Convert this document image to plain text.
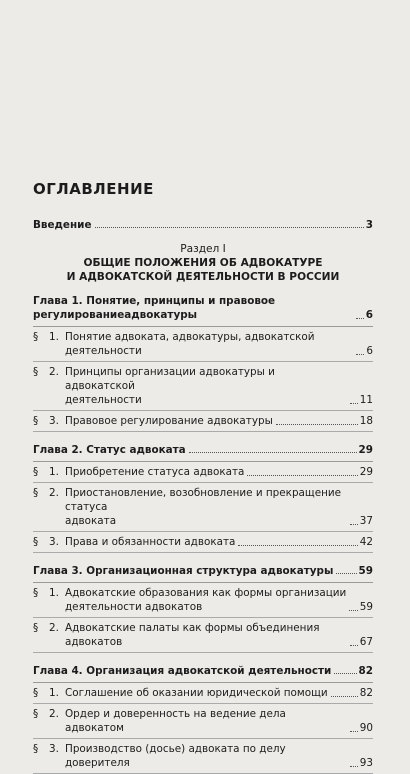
ОГЛАВЛЕНИЕ
Введение	3
Раздел I
ОБЩИЕ ПОЛОЖЕНИЯ ОБ АДВОКАТУРЕ
И АДВОКАТСКОЙ ДЕЯТЕЛЬНОСТИ В РОССИИ
Глава 1. Понятие, принципы и правовое регулированиеадвокатуры	6
§	1. Понятие адвоката, адвокатуры, адвокатской деятельности	6
§	2. Принципы организации адвокатуры и адвокатской
деятельности	11
§	3. Правовое регулирование адвокатуры	18
Глава 2. Статус адвоката	29
§	1. Приобретение статуса адвоката	29
§	2. Приостановление, возобновление и прекращение статуса
адвоката	37
§	3. Права и обязанности адвоката	42
Глава 3. Организационная структура адвокатуры 59
§	1. Адвокатские образования как формы организации
деятельности адвокатов	59
§	2. Адвокатские палаты как формы объединения адвокатов	67
Глава 4. Организация адвокатской деятельности	82
§	1. Соглашение об оказании юридической помощи	82
§	2. Ордер и доверенность на ведение дела адвокатом	90
§	3. Производство (досье) адвоката по делу доверителя	93
